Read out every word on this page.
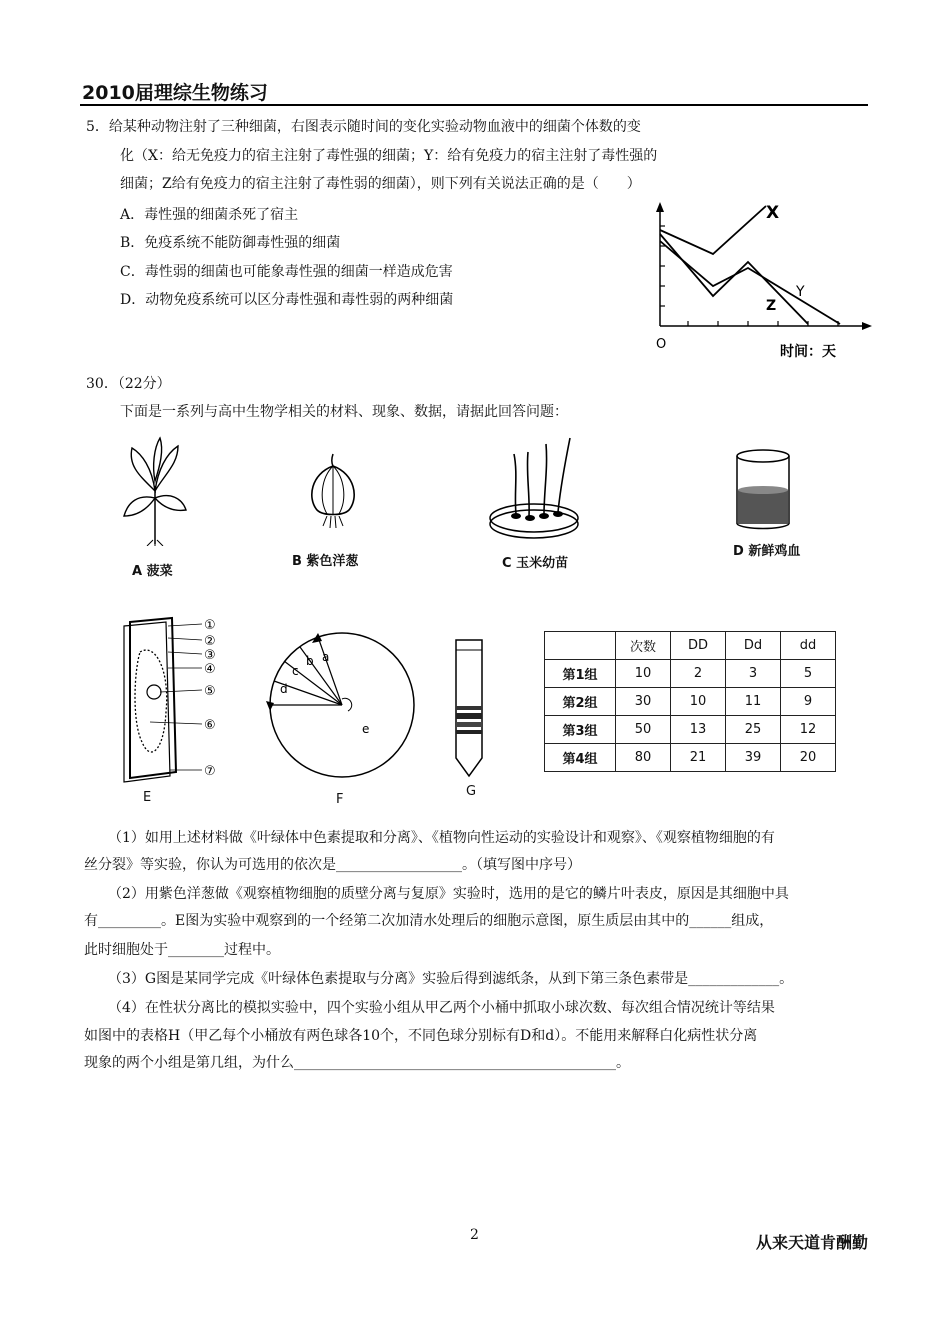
2010届理综生物练习
5．给某种动物注射了三种细菌，右图表示随时间的变化实验动物血液中的细菌个体数的变
化（X：给无免疫力的宿主注射了毒性强的细菌；Y：给有免疫力的宿主注射了毒性强的
细菌；Z给有免疫力的宿主注射了毒性弱的细菌），则下列有关说法正确的是（　　）
A．毒性强的细菌杀死了宿主
B．免疫系统不能防御毒性强的细菌
C．毒性弱的细菌也可能象毒性强的细菌一样造成危害
D．动物免疫系统可以区分毒性强和毒性弱的两种细菌
X
Y
Z
O	时间：天
30．（22分）
下面是一系列与高中生物学相关的材料、现象、数据，请据此回答问题：
A 菠菜
B 紫色洋葱	C 玉米幼苗
D 新鲜鸡血
①
②
③
④
⑤
⑥
⑦
E
a
b
c
d
e
F
G
	次数	DD	Dd	dd
第1组	10	2	3	5
第2组	30	10	11	9
第3组	50	13	25	12
第4组	80	21	39	20
（1）如用上述材料做《叶绿体中色素提取和分离》、《植物向性运动的实验设计和观察》、《观察植物细胞的有
丝分裂》等实验，你认为可选用的依次是__________________。（填写图中序号）
（2）用紫色洋葱做《观察植物细胞的质壁分离与复原》实验时，选用的是它的鳞片叶表皮，原因是其细胞中具
有_________。E图为实验中观察到的一个经第二次加清水处理后的细胞示意图，原生质层由其中的______组成，
此时细胞处于________过程中。
（3）G图是某同学完成《叶绿体色素提取与分离》实验后得到滤纸条，从到下第三条色素带是_____________。
（4）在性状分离比的模拟实验中，四个实验小组从甲乙两个小桶中抓取小球次数、每次组合情况统计等结果
如图中的表格H（甲乙每个小桶放有两色球各10个，不同色球分别标有D和d）。不能用来解释白化病性状分离
现象的两个小组是第几组，为什么______________________________________________。
2	从来天道肯酬勤
